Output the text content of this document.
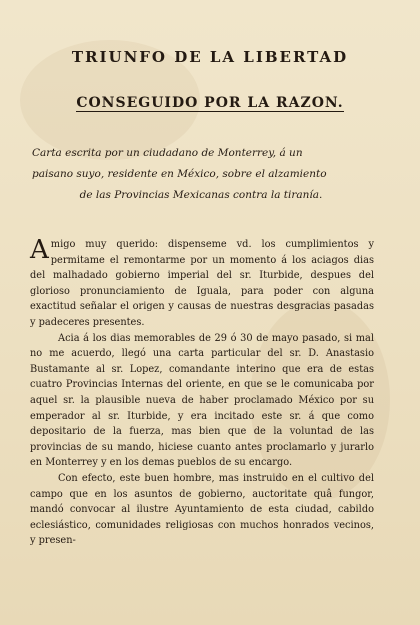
TRIUNFO DE LA LIBERTAD
CONSEGUIDO POR LA RAZON.

Carta escrita por un ciudadano de Monterrey, á un

paisano suyo, residente en México, sobre el alzamiento

de las Provincias Mexicanas contra la tiranía.

Amigo muy querido: dispenseme vd. los cumplimientos y permitame el remontarme por un momento á los aciagos dias del malhadado gobierno imperial del sr. Iturbide, despues del glorioso pronunciamiento de Iguala, para poder con alguna exactitud señalar el origen y causas de nuestras desgracias pasadas y padeceres presentes.

Acia á los dias memorables de 29 ó 30 de mayo pasado, si mal no me acuerdo, llegó una carta particular del sr. D. Anastasio Bustamante al sr. Lopez, comandante interino que era de estas cuatro Provincias Internas del oriente, en que se le comunicaba por aquel sr. la plausible nueva de haber proclamado México por su emperador al sr. Iturbide, y era incitado este sr. á que como depositario de la fuerza, mas bien que de la voluntad de las provincias de su mando, hiciese cuanto antes proclamarlo y jurarlo en Monterrey y en los demas pueblos de su encargo.

Con efecto, este buen hombre, mas instruido en el cultivo del campo que en los asuntos de gobierno, auctoritate quâ fungor, mandó convocar al ilustre Ayuntamiento de esta ciudad, cabildo eclesiástico, comunidades religiosas con muchos honrados vecinos, y presen-
